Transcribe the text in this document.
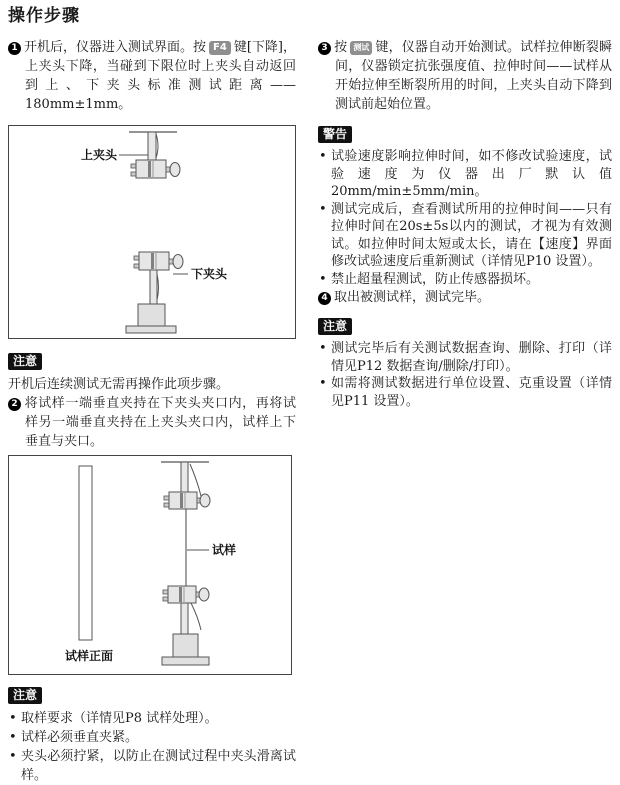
操作步骤

1 开机后，仪器进入测试界面。按 F4 键[下降]，上夹头下降，当碰到下限位时上夹头自动返回到上、下夹头标准测试距离——180mm±1mm。

上夹头
下夹头
注意

开机后连续测试无需再操作此项步骤。

2 将试样一端垂直夹持在下夹头夹口内，再将试样另一端垂直夹持在上夹头夹口内，试样上下垂直与夹口。

试样正面
试样
注意
• 取样要求（详情见P8 试样处理）。
• 试样必须垂直夹紧。
• 夹头必须拧紧，以防止在测试过程中夹头滑离试样。

3 按 测试 键，仪器自动开始测试。试样拉伸断裂瞬间，仪器锁定抗张强度值、拉伸时间——试样从开始拉伸至断裂所用的时间，上夹头自动下降到测试前起始位置。

警告
• 试验速度影响拉伸时间，如不修改试验速度，试验速度为仪器出厂默认值20mm/min±5mm/min。
• 测试完成后，查看测试所用的拉伸时间——只有拉伸时间在20s±5s以内的测试，才视为有效测试。如拉伸时间太短或太长，请在【速度】界面修改试验速度后重新测试（详情见P10 设置）。
• 禁止超量程测试，防止传感器损坏。

4 取出被测试样，测试完毕。

注意
• 测试完毕后有关测试数据查询、删除、打印（详情见P12 数据查询/删除/打印）。
• 如需将测试数据进行单位设置、克重设置（详情见P11 设置）。
